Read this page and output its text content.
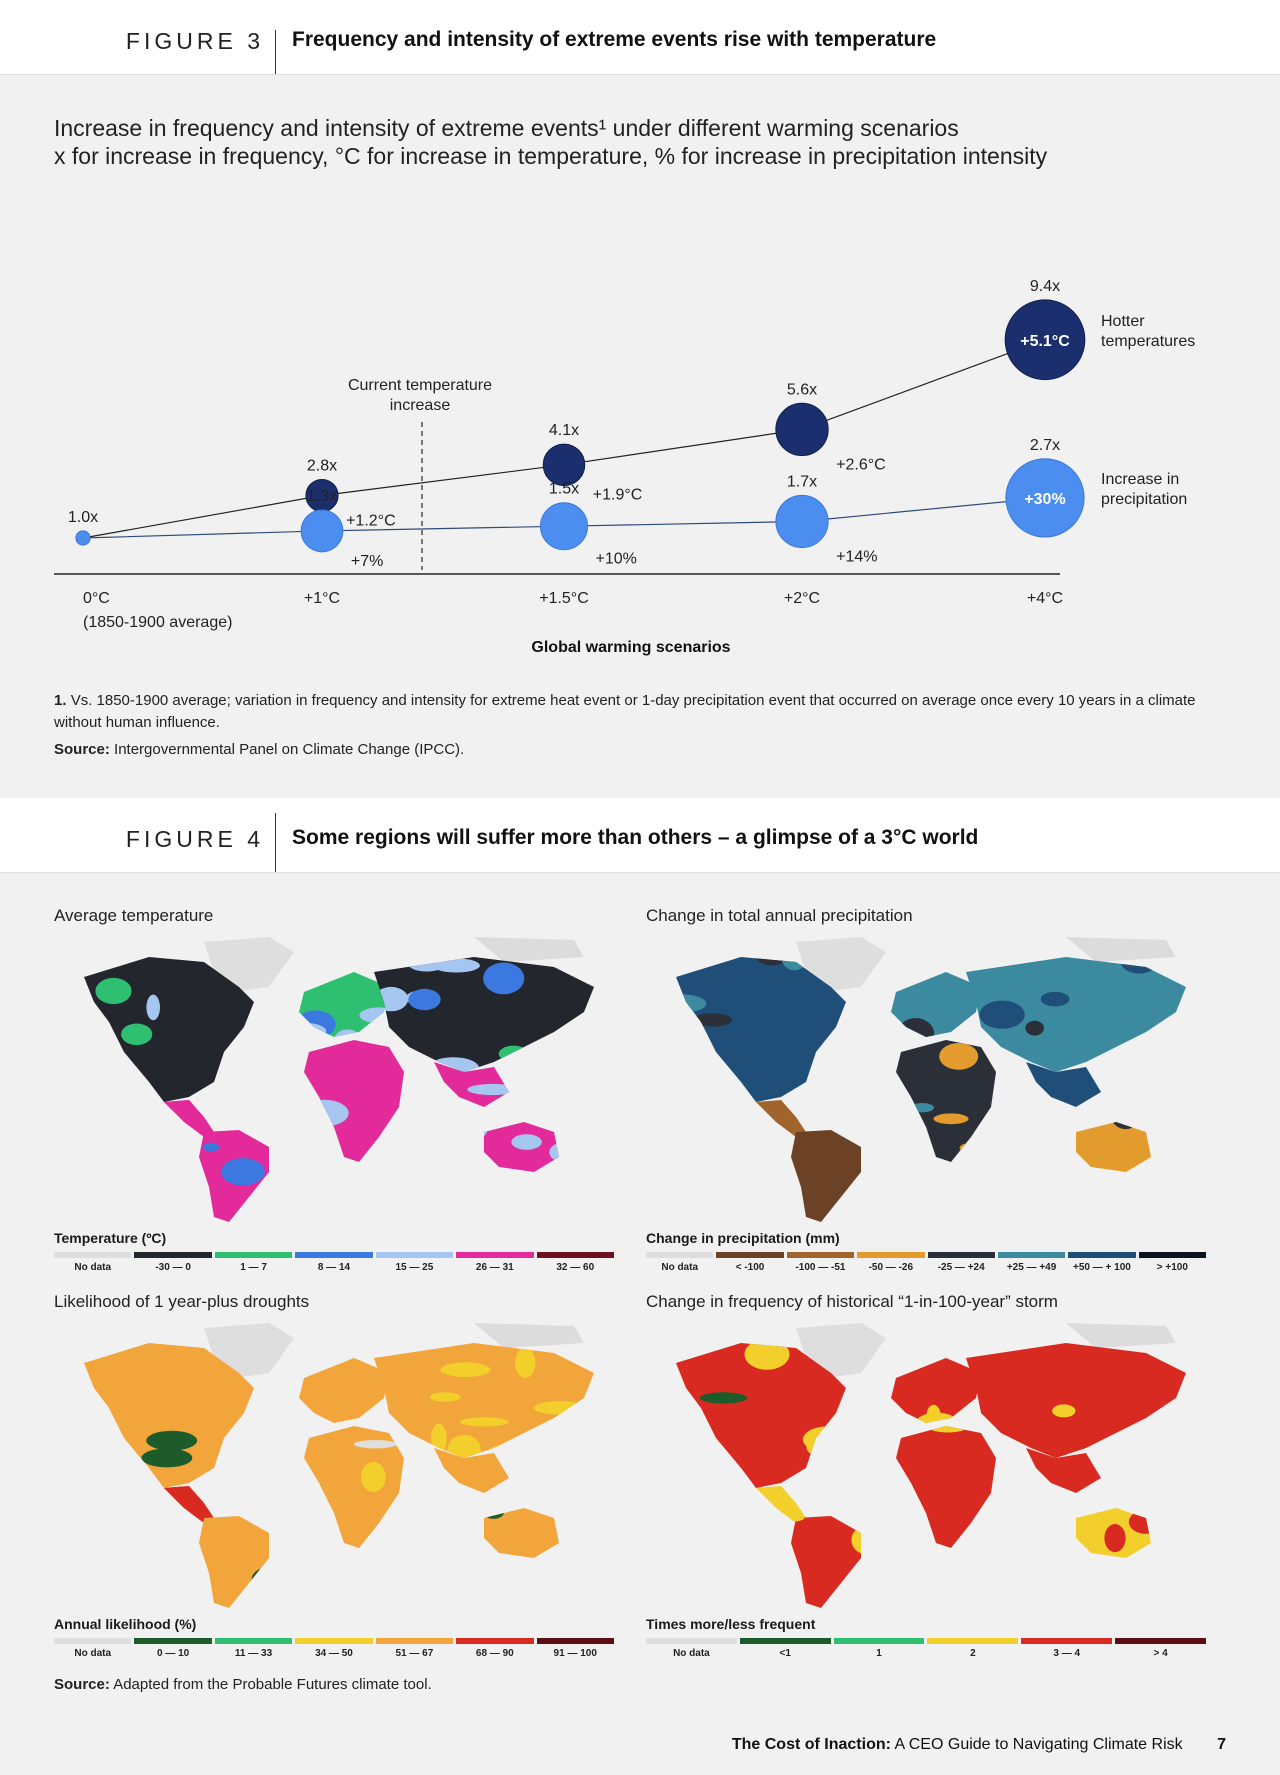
FIGURE 3 Frequency and intensity of extreme events rise with temperature
Increase in frequency and intensity of extreme events¹ under different warming scenarios
x for increase in frequency, °C for increase in temperature, % for increase in precipitation intensity
Current temperature
increase
0°C
(1850-1900 average)
+1°C	+1.5°C	+2°C	+4°C
Global warming scenarios
1.0x
2.8x
+1.2°C
4.1x
+1.9°C
5.6x
+2.6°C
9.4x
+5.1°C
Hotter
temperatures
1.3x
+7%
1.5x
+10%
1.7x
+14%
2.7x
+30%
Increase in
precipitation
1. Vs. 1850-1900 average; variation in frequency and intensity for extreme heat event or 1-day precipitation event that occurred on average once every 10 years in a climate without human influence.
Source: Intergovernmental Panel on Climate Change (IPCC).
FIGURE 4 Some regions will suffer more than others – a glimpse of a 3°C world
Average temperature
Temperature (ºC)
No data	-30 — 0	1 — 7	8 — 14	15 — 25	26 — 31	32 — 60
Change in total annual precipitation
Change in precipitation (mm)
No data	< -100	-100 — -51	-50 — -26	-25 — +24	+25 — +49	+50 — + 100	> +100
Likelihood of 1 year-plus droughts
Annual likelihood (%)
No data	0 — 10	11 — 33	34 — 50	51 — 67	68 — 90	91 — 100
Change in frequency of historical “1-in-100-year” storm
Times more/less frequent
No data	<1	1	2	3 — 4	> 4
Source: Adapted from the Probable Futures climate tool.
The Cost of Inaction: A CEO Guide to Navigating Climate Risk 7
